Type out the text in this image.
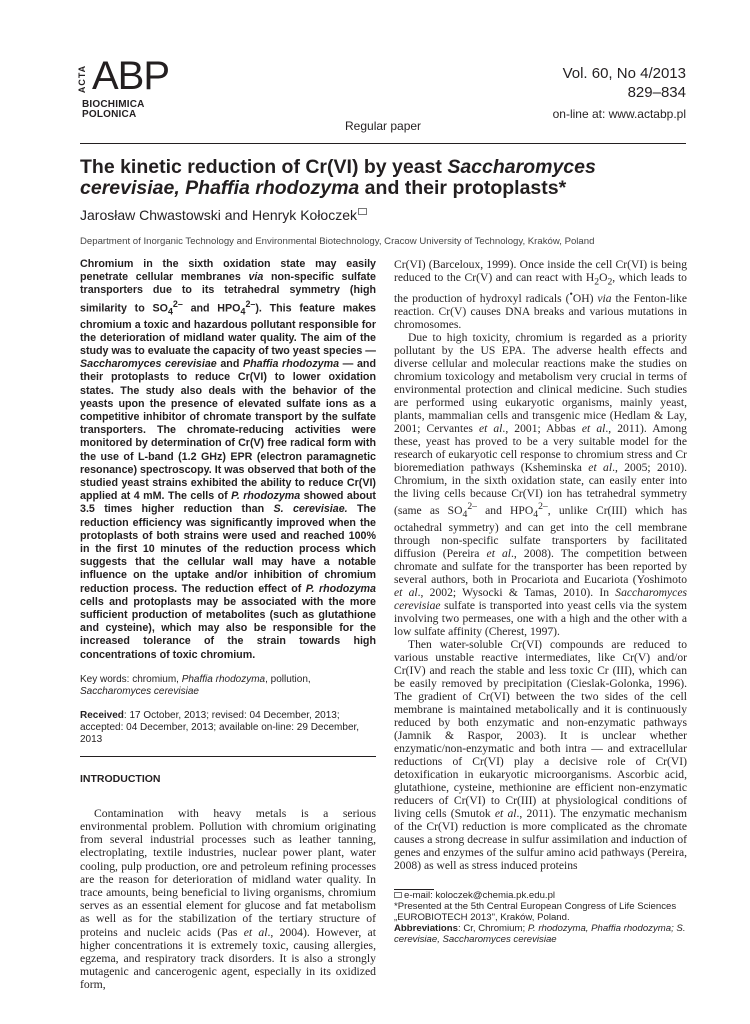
ACTA ABP
BIOCHIMICA
POLONICA
Vol. 60, No 4/2013
829–834
on-line at: www.actabp.pl
Regular paper
The kinetic reduction of Cr(VI) by yeast Saccharomyces cerevisiae, Phaffia rhodozyma and their protoplasts*
Jarosław Chwastowski and Henryk Kołoczek
Department of Inorganic Technology and Environmental Biotechnology, Cracow University of Technology, Kraków, Poland

Chromium in the sixth oxidation state may easily penetrate cellular membranes via non-specific sulfate transporters due to its tetrahedral symmetry (high similarity to $SO_4^{2-}$ and $HPO_4^{2-}$). This feature makes chromium a toxic and hazardous pollutant responsible for the deterioration of midland water quality. The aim of the study was to evaluate the capacity of two yeast species — Saccharomyces cerevisiae and Phaffia rhodozyma — and their protoplasts to reduce Cr(VI) to lower oxidation states. The study also deals with the behavior of the yeasts upon the presence of elevated sulfate ions as a competitive inhibitor of chromate transport by the sulfate transporters. The chromate-reducing activities were monitored by determination of Cr(V) free radical form with the use of L-band (1.2 GHz) EPR (electron paramagnetic resonance) spectroscopy. It was observed that both of the studied yeast strains exhibited the ability to reduce Cr(VI) applied at 4 mM. The cells of P. rhodozyma showed about 3.5 times higher reduction than S. cerevisiae. The reduction efficiency was significantly improved when the protoplasts of both strains were used and reached 100% in the first 10 minutes of the reduction process which suggests that the cellular wall may have a notable influence on the uptake and/or inhibition of chromium reduction process. The reduction effect of P. rhodozyma cells and protoplasts may be associated with the more sufficient production of metabolites (such as glutathione and cysteine), which may also be responsible for the increased tolerance of the strain towards high concentrations of toxic chromium.

Key words: chromium, Phaffia rhodozyma, pollution, Saccharomyces cerevisiae

Received: 17 October, 2013; revised: 04 December, 2013; accepted: 04 December, 2013; available on-line: 29 December, 2013

INTRODUCTION

Contamination with heavy metals is a serious environmental problem. Pollution with chromium originating from several industrial processes such as leather tanning, electroplating, textile industries, nuclear power plant, water cooling, pulp production, ore and petroleum refining processes are the reason for deterioration of midland water quality. In trace amounts, being beneficial to living organisms, chromium serves as an essential element for glucose and fat metabolism as well as for the stabilization of the tertiary structure of proteins and nucleic acids (Pas et al., 2004). However, at higher concentrations it is extremely toxic, causing allergies, egzema, and respiratory track disorders. It is also a strongly mutagenic and cancerogenic agent, especially in its oxidized form,

Cr(VI) (Barceloux, 1999). Once inside the cell Cr(VI) is being reduced to the Cr(V) and can react with $H_2O_2$, which leads to the production of hydroxyl radicals (•OH) via the Fenton-like reaction. Cr(V) causes DNA breaks and various mutations in chromosomes.

Due to high toxicity, chromium is regarded as a priority pollutant by the US EPA. The adverse health effects and diverse cellular and molecular reactions make the studies on chromium toxicology and metabolism very crucial in terms of environmental protection and clinical medicine. Such studies are performed using eukaryotic organisms, mainly yeast, plants, mammalian cells and transgenic mice (Hedlam & Lay, 2001; Cervantes et al., 2001; Abbas et al., 2011). Among these, yeast has proved to be a very suitable model for the research of eukaryotic cell response to chromium stress and Cr bioremediation pathways (Ksheminska et al., 2005; 2010). Chromium, in the sixth oxidation state, can easily enter into the living cells because Cr(VI) ion has tetrahedral symmetry (same as $SO_4^{2-}$ and $HPO_4^{2-}$, unlike Cr(III) which has octahedral symmetry) and can get into the cell membrane through non-specific sulfate transporters by facilitated diffusion (Pereira et al., 2008). The competition between chromate and sulfate for the transporter has been reported by several authors, both in Procariota and Eucariota (Yoshimoto et al., 2002; Wysocki & Tamas, 2010). In Saccharomyces cerevisiae sulfate is transported into yeast cells via the system involving two permeases, one with a high and the other with a low sulfate affinity (Cherest, 1997).

Then water-soluble Cr(VI) compounds are reduced to various unstable reactive intermediates, like Cr(V) and/or Cr(IV) and reach the stable and less toxic Cr (III), which can be easily removed by precipitation (Cieslak-Golonka, 1996). The gradient of Cr(VI) between the two sides of the cell membrane is maintained metabolically and it is continuously reduced by both enzymatic and non-enzymatic pathways (Jamnik & Raspor, 2003). It is unclear whether enzymatic/non-enzymatic and both intra — and extracellular reductions of Cr(VI) play a decisive role of Cr(VI) detoxification in eukaryotic microorganisms. Ascorbic acid, glutathione, cysteine, methionine are efficient non-enzymatic reducers of Cr(VI) to Cr(III) at physiological conditions of living cells (Smutok et al., 2011). The enzymatic mechanism of the Cr(VI) reduction is more complicated as the chromate causes a strong decrease in sulfur assimilation and induction of genes and enzymes of the sulfur amino acid pathways (Pereira, 2008) as well as stress induced proteins

e-mail: koloczek@chemia.pk.edu.pl

*Presented at the 5th Central European Congress of Life Sciences „EUROBIOTECH 2013", Kraków, Poland.

Abbreviations: Cr, Chromium; P. rhodozyma, Phaffia rhodozyma; S. cerevisiae, Saccharomyces cerevisiae
